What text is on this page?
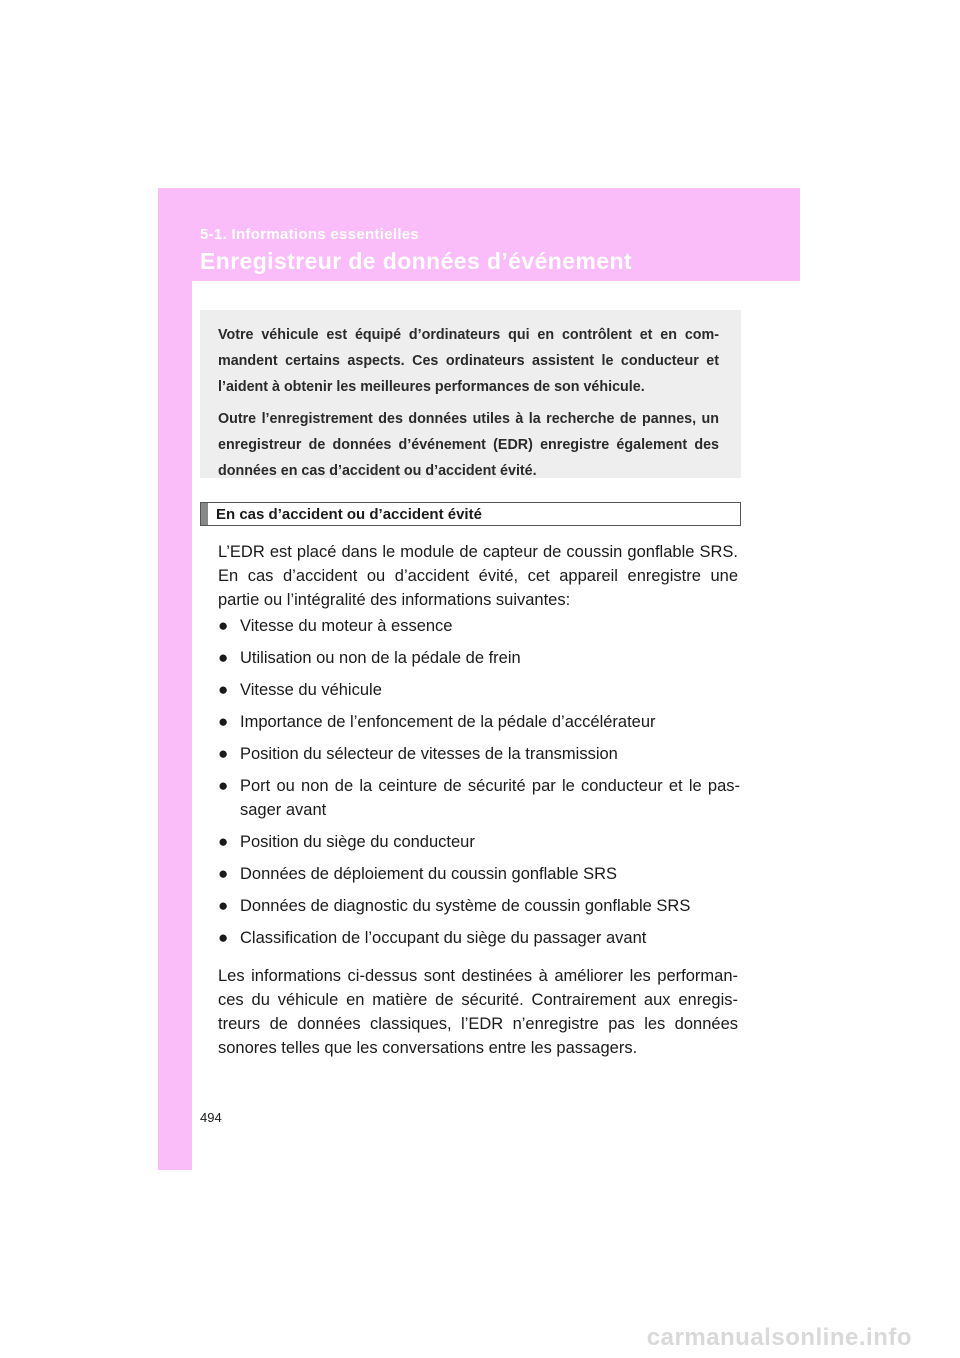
5-1. Informations essentielles
Enregistreur de données d’événement

Votre véhicule est équipé d’ordinateurs qui en contrôlent et en commandent certains aspects. Ces ordinateurs assistent le conducteur et l’aident à obtenir les meilleures performances de son véhicule.

Outre l’enregistrement des données utiles à la recherche de pannes, un enregistreur de données d’événement (EDR) enregistre également des données en cas d’accident ou d’accident évité.

En cas d’accident ou d’accident évité

L’EDR est placé dans le module de capteur de coussin gonflable SRS. En cas d’accident ou d’accident évité, cet appareil enregistre une partie ou l’intégralité des informations suivantes:

● Vitesse du moteur à essence
● Utilisation ou non de la pédale de frein
● Vitesse du véhicule
● Importance de l’enfoncement de la pédale d’accélérateur
● Position du sélecteur de vitesses de la transmission
● Port ou non de la ceinture de sécurité par le conducteur et le passager avant
● Position du siège du conducteur
● Données de déploiement du coussin gonflable SRS
● Données de diagnostic du système de coussin gonflable SRS
● Classification de l’occupant du siège du passager avant

Les informations ci-dessus sont destinées à améliorer les performances du véhicule en matière de sécurité. Contrairement aux enregistreurs de données classiques, l’EDR n’enregistre pas les données sonores telles que les conversations entre les passagers.

494
carmanualsonline.info
